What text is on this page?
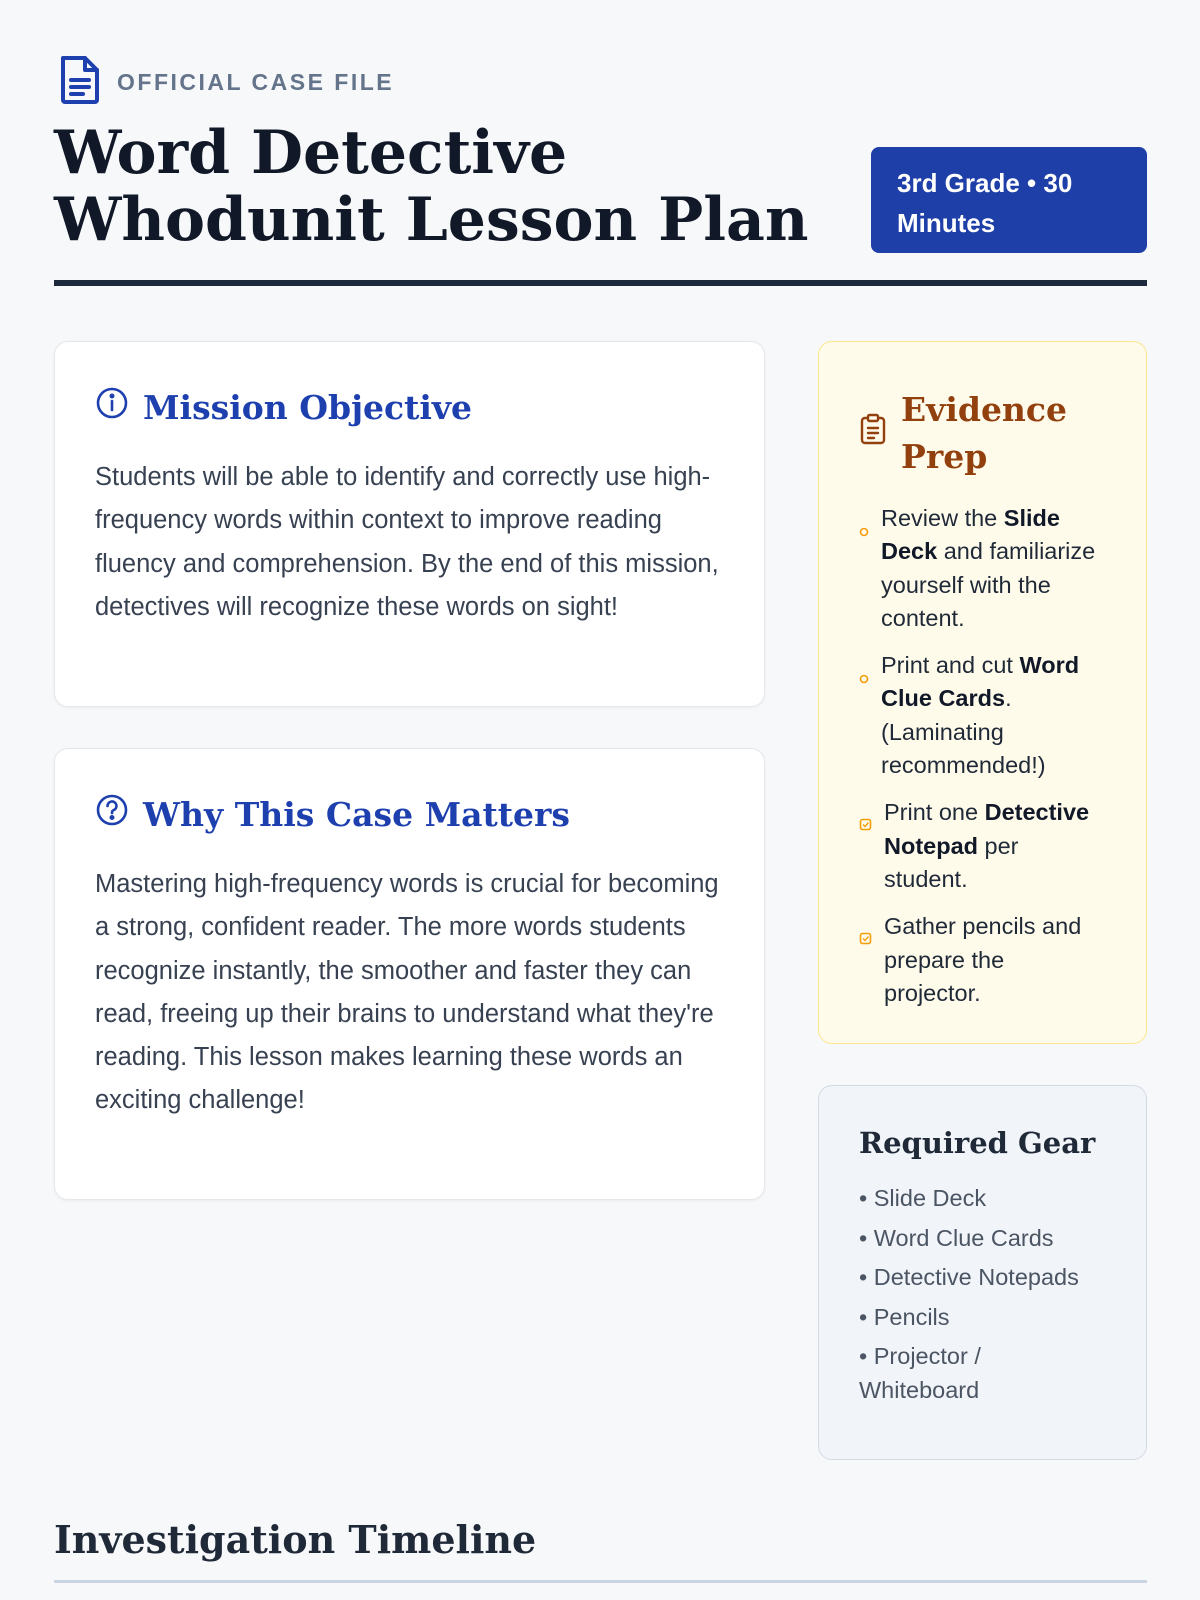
OFFICIAL CASE FILE
Word Detective Whodunit Lesson Plan
3rd Grade • 30 Minutes
Mission Objective

Students will be able to identify and correctly use high-frequency words within context to improve reading fluency and comprehension. By the end of this mission, detectives will recognize these words on sight!

Why This Case Matters

Mastering high-frequency words is crucial for becoming a strong, confident reader. The more words students recognize instantly, the smoother and faster they can read, freeing up their brains to understand what they're reading. This lesson makes learning these words an exciting challenge!

Evidence Prep
Review the Slide Deck and familiarize yourself with the content.
Print and cut Word Clue Cards. (Laminating recommended!)
Print one Detective Notepad per student.
Gather pencils and prepare the projector.
Required Gear
• Slide Deck
• Word Clue Cards
• Detective Notepads
• Pencils
• Projector / Whiteboard
Investigation Timeline
